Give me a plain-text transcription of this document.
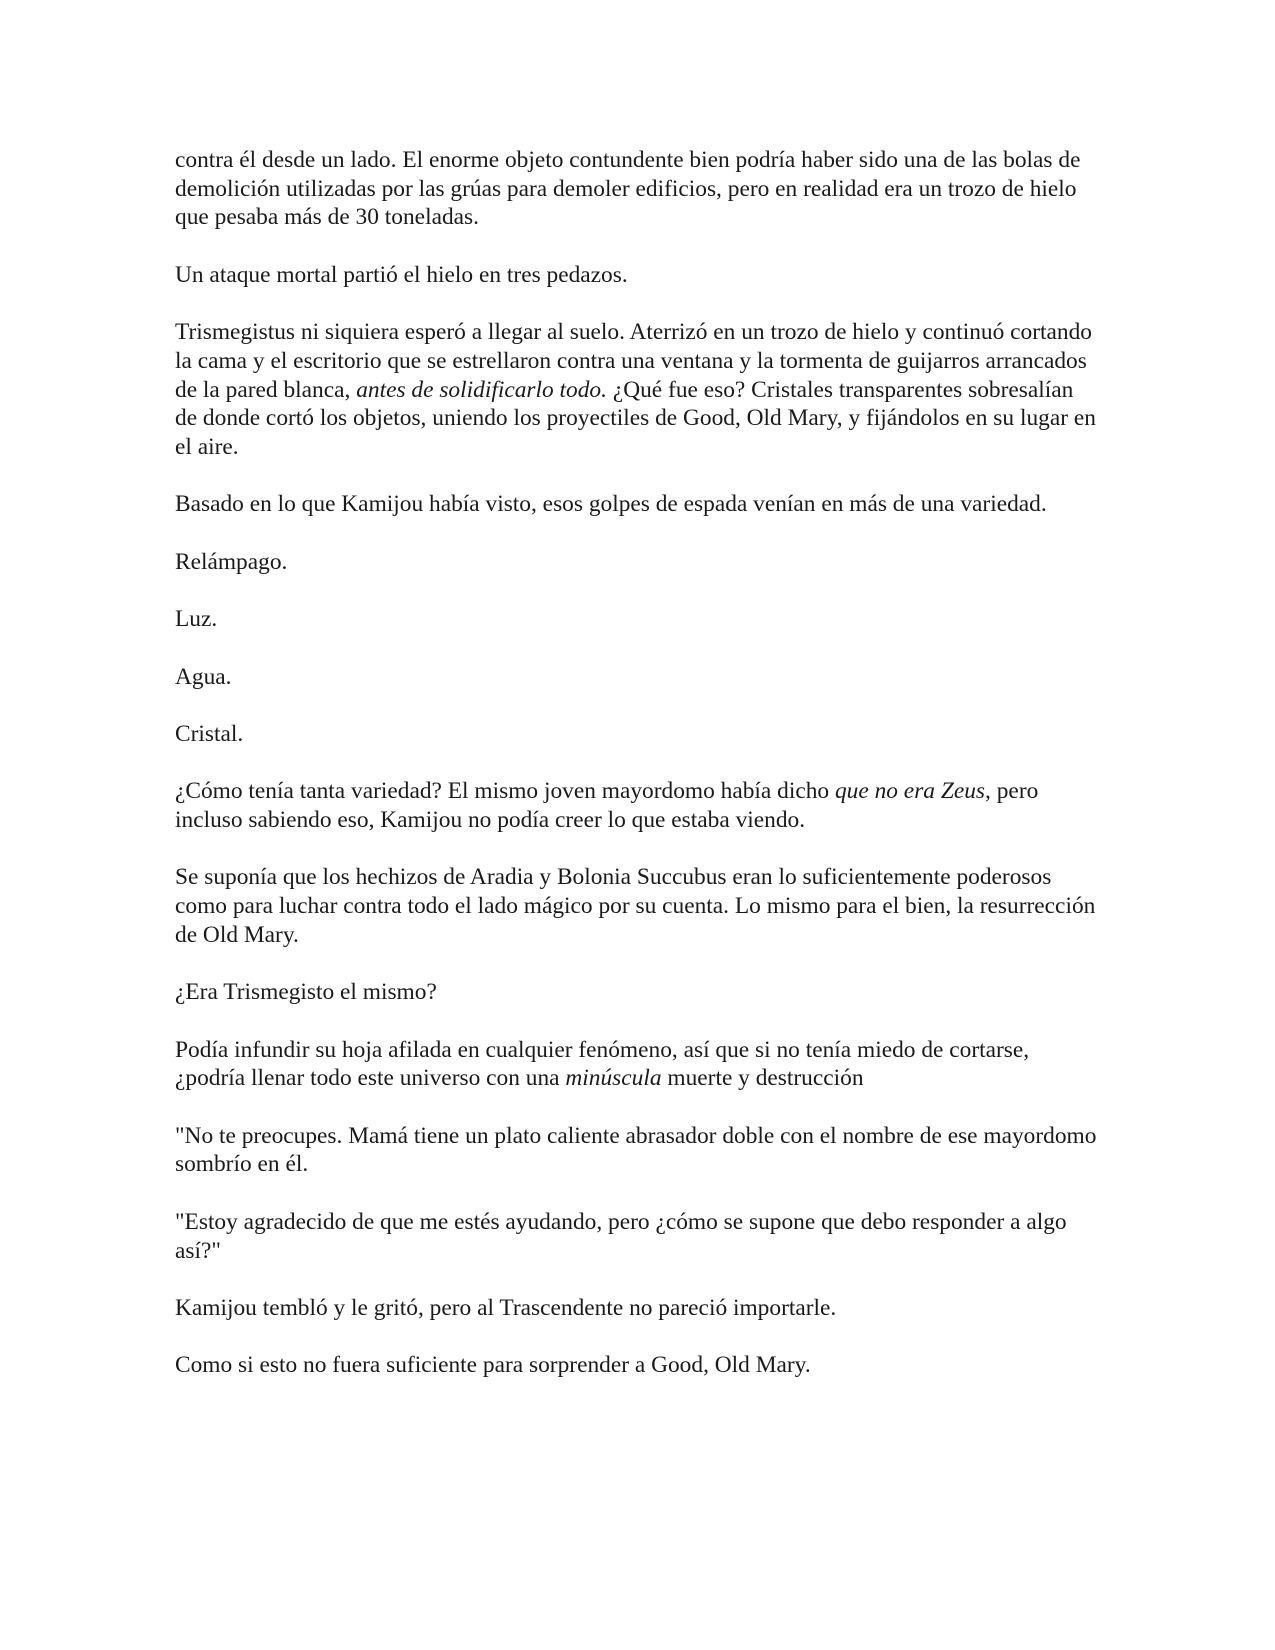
contra él desde un lado. El enorme objeto contundente bien podría haber sido una de las bolas de demolición utilizadas por las grúas para demoler edificios, pero en realidad era un trozo de hielo que pesaba más de 30 toneladas.

Un ataque mortal partió el hielo en tres pedazos.

Trismegistus ni siquiera esperó a llegar al suelo. Aterrizó en un trozo de hielo y continuó cortando la cama y el escritorio que se estrellaron contra una ventana y la tormenta de guijarros arrancados de la pared blanca, antes de solidificarlo todo. ¿Qué fue eso? Cristales transparentes sobresalían de donde cortó los objetos, uniendo los proyectiles de Good, Old Mary, y fijándolos en su lugar en el aire.

Basado en lo que Kamijou había visto, esos golpes de espada venían en más de una variedad.

Relámpago.

Luz.

Agua.

Cristal.

¿Cómo tenía tanta variedad? El mismo joven mayordomo había dicho que no era Zeus, pero incluso sabiendo eso, Kamijou no podía creer lo que estaba viendo.

Se suponía que los hechizos de Aradia y Bolonia Succubus eran lo suficientemente poderosos como para luchar contra todo el lado mágico por su cuenta. Lo mismo para el bien, la resurrección de Old Mary.

¿Era Trismegisto el mismo?

Podía infundir su hoja afilada en cualquier fenómeno, así que si no tenía miedo de cortarse, ¿podría llenar todo este universo con una minúscula muerte y destrucción

"No te preocupes. Mamá tiene un plato caliente abrasador doble con el nombre de ese mayordomo sombrío en él.

"Estoy agradecido de que me estés ayudando, pero ¿cómo se supone que debo responder a algo así?"

Kamijou tembló y le gritó, pero al Trascendente no pareció importarle.

Como si esto no fuera suficiente para sorprender a Good, Old Mary.
